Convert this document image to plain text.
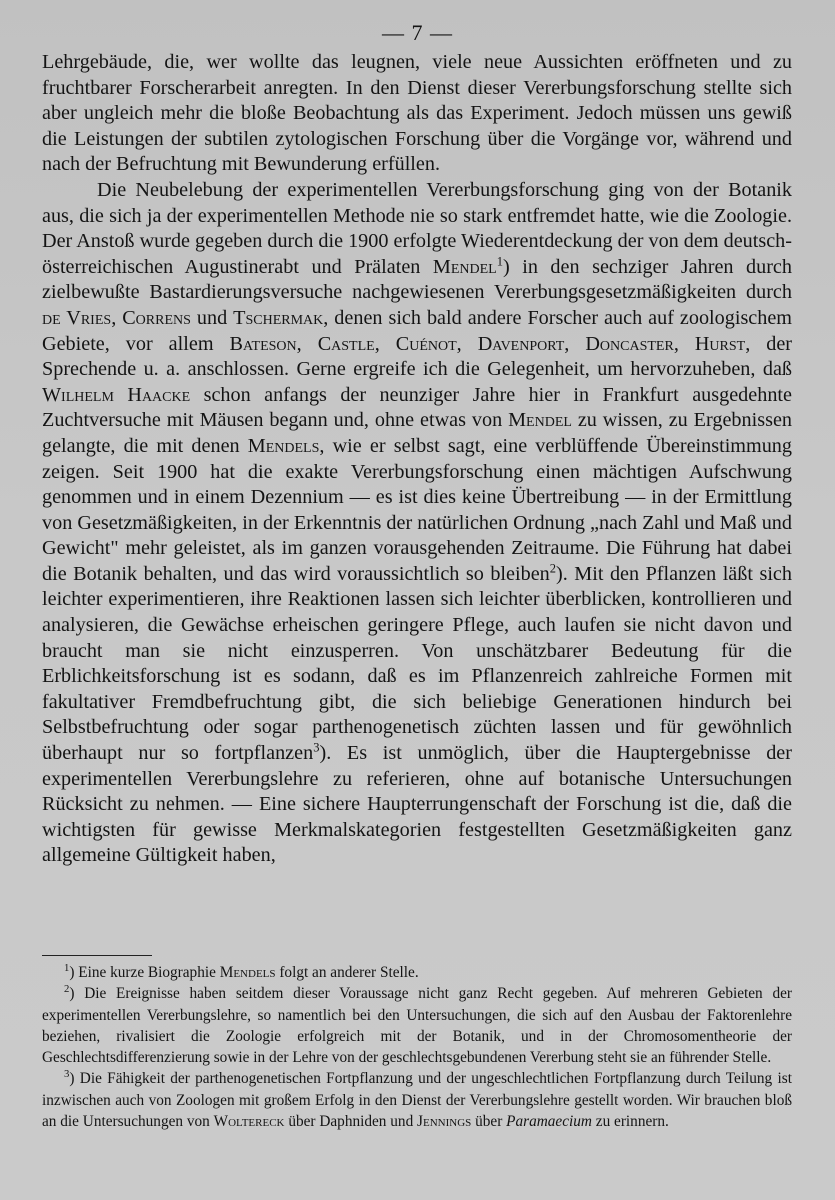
— 7 —

Lehrgebäude, die, wer wollte das leugnen, viele neue Aussichten eröffneten und zu fruchtbarer Forscherarbeit anregten. In den Dienst dieser Vererbungsforschung stellte sich aber ungleich mehr die bloße Beobachtung als das Experiment. Jedoch müssen uns gewiß die Leistungen der subtilen zytologischen Forschung über die Vorgänge vor, während und nach der Befruchtung mit Bewunderung erfüllen.

Die Neubelebung der experimentellen Vererbungsforschung ging von der Botanik aus, die sich ja der experimentellen Methode nie so stark entfremdet hatte, wie die Zoologie. Der Anstoß wurde gegeben durch die 1900 erfolgte Wiederentdeckung der von dem deutsch-österreichischen Augustinerabt und Prälaten Mendel$^1$) in den sechziger Jahren durch zielbewußte Bastardierungsversuche nachgewiesenen Vererbungsgesetzmäßigkeiten durch de Vries, Correns und Tschermak, denen sich bald andere Forscher auch auf zoologischem Gebiete, vor allem Bateson, Castle, Cuénot, Davenport, Doncaster, Hurst, der Sprechende u. a. anschlossen. Gerne ergreife ich die Gelegenheit, um hervorzuheben, daß Wilhelm Haacke schon anfangs der neunziger Jahre hier in Frankfurt ausgedehnte Zuchtversuche mit Mäusen begann und, ohne etwas von Mendel zu wissen, zu Ergebnissen gelangte, die mit denen Mendels, wie er selbst sagt, eine verblüffende Übereinstimmung zeigen. Seit 1900 hat die exakte Vererbungsforschung einen mächtigen Aufschwung genommen und in einem Dezennium — es ist dies keine Übertreibung — in der Ermittlung von Gesetzmäßigkeiten, in der Erkenntnis der natürlichen Ordnung „nach Zahl und Maß und Gewicht" mehr geleistet, als im ganzen vorausgehenden Zeitraume. Die Führung hat dabei die Botanik behalten, und das wird voraussichtlich so bleiben$^2$). Mit den Pflanzen läßt sich leichter experimentieren, ihre Reaktionen lassen sich leichter überblicken, kontrollieren und analysieren, die Gewächse erheischen geringere Pflege, auch laufen sie nicht davon und braucht man sie nicht einzusperren. Von unschätzbarer Bedeutung für die Erblichkeitsforschung ist es sodann, daß es im Pflanzenreich zahlreiche Formen mit fakultativer Fremdbefruchtung gibt, die sich beliebige Generationen hindurch bei Selbstbefruchtung oder sogar parthenogenetisch züchten lassen und für gewöhnlich überhaupt nur so fortpflanzen$^3$). Es ist unmöglich, über die Hauptergebnisse der experimentellen Vererbungslehre zu referieren, ohne auf botanische Untersuchungen Rücksicht zu nehmen. — Eine sichere Haupterrungenschaft der Forschung ist die, daß die wichtigsten für gewisse Merkmalskategorien festgestellten Gesetzmäßigkeiten ganz allgemeine Gültigkeit haben,

$^1$) Eine kurze Biographie Mendels folgt an anderer Stelle.

$^2$) Die Ereignisse haben seitdem dieser Voraussage nicht ganz Recht gegeben. Auf mehreren Gebieten der experimentellen Vererbungslehre, so namentlich bei den Untersuchungen, die sich auf den Ausbau der Faktorenlehre beziehen, rivalisiert die Zoologie erfolgreich mit der Botanik, und in der Chromosomentheorie der Geschlechtsdifferenzierung sowie in der Lehre von der geschlechtsgebundenen Vererbung steht sie an führender Stelle.

$^3$) Die Fähigkeit der parthenogenetischen Fortpflanzung und der ungeschlechtlichen Fortpflanzung durch Teilung ist inzwischen auch von Zoologen mit großem Erfolg in den Dienst der Vererbungslehre gestellt worden. Wir brauchen bloß an die Untersuchungen von Woltereck über Daphniden und Jennings über Paramaecium zu erinnern.
